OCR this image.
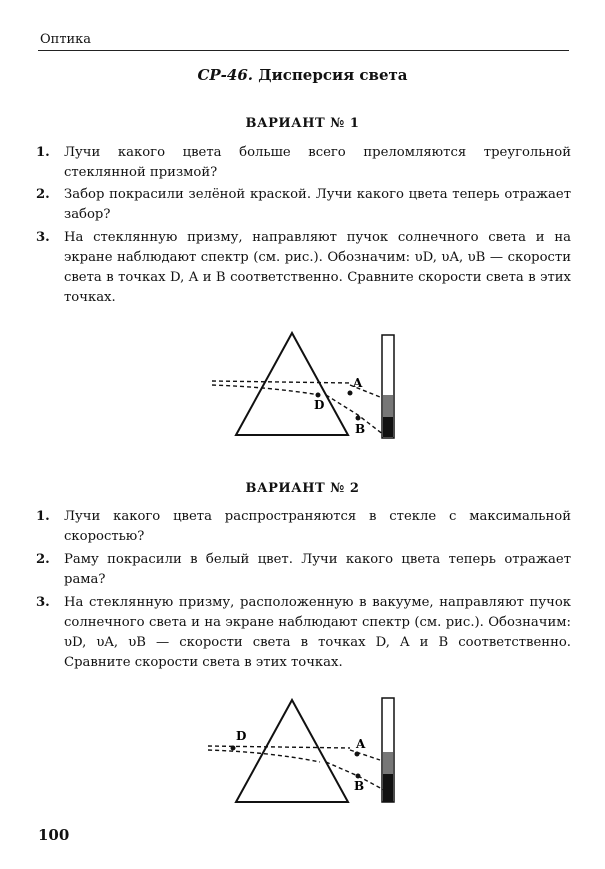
Оптика
СР-46. Дисперсия света
ВАРИАНТ № 1
1. Лучи какого цвета больше всего преломляются треугольной стеклянной призмой?
2. Забор покрасили зелёной краской. Лучи какого цвета теперь отражает забор?
3. На стеклянную призму, направляют пучок солнечного света и на экране наблюдают спектр (см. рис.). Обозначим: υD, υA, υB — скорости света в точках D, A и B соответственно. Сравните скорости света в этих точках.
A
D
B
ВАРИАНТ № 2
1. Лучи какого цвета распространяются в стекле с максимальной скоростью?
2. Раму покрасили в белый цвет. Лучи какого цвета теперь отражает рама?
3. На стеклянную призму, расположенную в вакууме, направляют пучок солнечного света и на экране наблюдают спектр (см. рис.). Обозначим: υD, υA, υB — скорости света в точках D, A и B соответственно. Сравните скорости света в этих точках.
D
A
B
100
